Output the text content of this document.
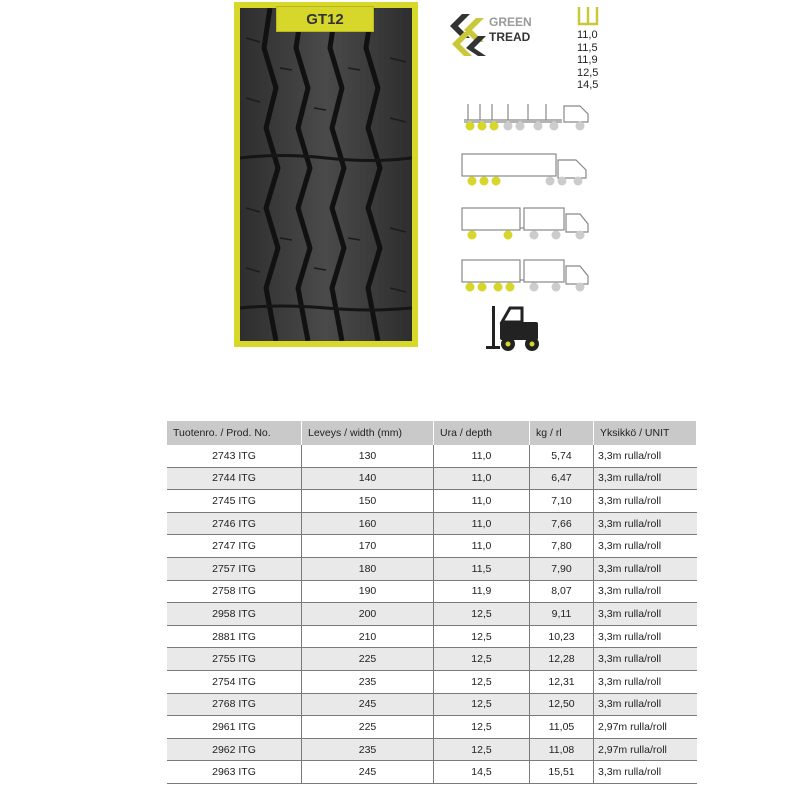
GT12	GREEN
TREAD	11,0
11,5
11,9
12,5
14,5
Tuotenro. / Prod. No.	Leveys / width (mm)	Ura / depth	kg / rl	Yksikkö / UNIT
2743 ITG	130	11,0	5,74	3,3m rulla/roll
2744 ITG	140	11,0	6,47	3,3m rulla/roll
2745 ITG	150	11,0	7,10	3,3m rulla/roll
2746 ITG	160	11,0	7,66	3,3m rulla/roll
2747 ITG	170	11,0	7,80	3,3m rulla/roll
2757 ITG	180	11,5	7,90	3,3m rulla/roll
2758 ITG	190	11,9	8,07	3,3m rulla/roll
2958 ITG	200	12,5	9,11	3,3m rulla/roll
2881 ITG	210	12,5	10,23	3,3m rulla/roll
2755 ITG	225	12,5	12,28	3,3m rulla/roll
2754 ITG	235	12,5	12,31	3,3m rulla/roll
2768 ITG	245	12,5	12,50	3,3m rulla/roll
2961 ITG	225	12,5	11,05	2,97m rulla/roll
2962 ITG	235	12,5	11,08	2,97m rulla/roll
2963 ITG	245	14,5	15,51	3,3m rulla/roll
